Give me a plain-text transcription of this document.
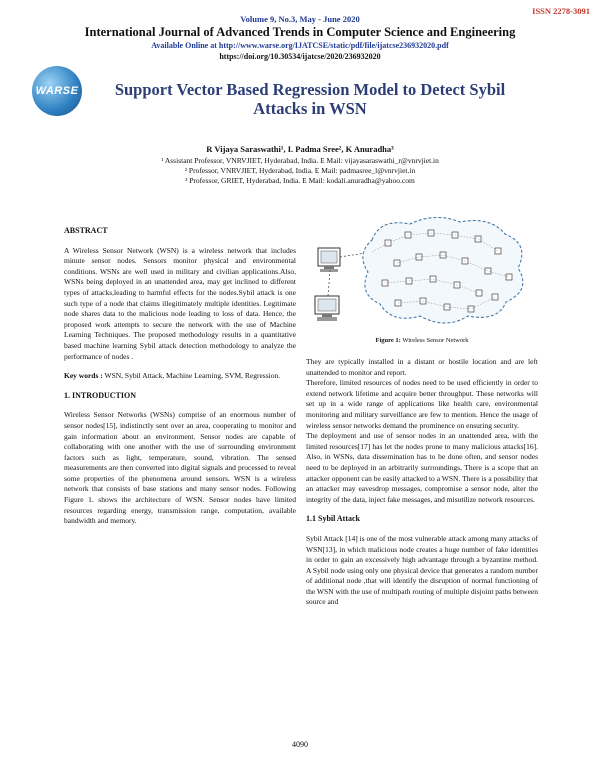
ISSN 2278-3091
Volume 9, No.3, May - June 2020
International Journal of Advanced Trends in Computer Science and Engineering
Available Online at http://www.warse.org/IJATCSE/static/pdf/file/ijatcse236932020.pdf
https://doi.org/10.30534/ijatcse/2020/236932020
WARSE	Support Vector Based Regression Model to Detect Sybil Attacks in WSN
R Vijaya Saraswathi¹, I. Padma Sree², K Anuradha³
¹ Assistant Professor, VNRVJIET, Hyderabad, India. E Mail: vijayasaraswathi_r@vnrvjiet.in
² Professor, VNRVJIET, Hyderabad, India. E Mail: padmasree_l@vnrvjiet.in
³ Professor, GRIET, Hyderabad, India. E Mail: kodali.anuradha@yahoo.com
ABSTRACT

A Wireless Sensor Network (WSN) is a wireless network that includes minute sensor nodes. Sensors monitor physical and environmental conditions. WSNs are well used in military and civilian applications.Also, WSNs being deployed in an unattended area, may get inclined to different types of attacks,leading to harmful effects for the nodes.Sybil attack is one such type of a node that claims illegitimately multiple identities. Legitimate node shares data to the malicious node leading to loss of data. Hence, the proposed work attempts to secure the network with the use of Machine Learning Techniques. The proposed methodology results in a quantitative based machine learning Sybil attack detection methodology to analyze the performance of nodes .

Key words : WSN, Sybil Attack, Machine Learning, SVM, Regression.

1. INTRODUCTION

Wireless Sensor Networks (WSNs) comprise of an enormous number of sensor nodes[15], indistinctly sent over an area, cooperating to monitor and gain information about an environment. Sensor nodes are capable of collaborating with one another with the use of surrounding environment factors such as light, temperature, sound, vibration. The sensed measurements are then converted into digital signals and processed to reveal some properties of the phenomena around sensors. WSN is a wireless network that consists of base stations and many sensor nodes. Following Figure 1. shows the architecture of WSN. Sensor nodes have limited resources regarding energy, transmission range, computation, available bandwidth and memory.

Figure 1: Wireless Sensor Network

They are typically installed in a distant or hostile location and are left unattended to monitor and report.

Therefore, limited resources of nodes need to be used efficiently in order to extend network lifetime and acquire better throughput. These networks will set up in a wide range of applications like health care, environmental monitoring and military surveillance are few to mention. Hence the usage of wireless sensor networks demand the prominence on ensuring security.

The deployment and use of sensor nodes in an unattended area, with the limited resources[17] has let the nodes prone to many malicious attacks[16]. Also, in WSNs, data dissemination has to be done often, and sensor nodes need to be deployed in an arbitrarily surroundings, There is a scope that an attacker opponent can be easily attacked to a WSN. There is a possibility that an attacker may eavesdrop messages, compromise a sensor node, alter the integrity of the data, inject fake messages, and misutilize network resources.

1.1 Sybil Attack

Sybil Attack [14] is one of the most vulnerable attack among many attacks of WSN[13], in which malicious node creates a huge number of fake identities in order to gain an excessively high advantage through a byzantine method. A Sybil node using only one physical device that generates a random number of additional node ,that will identify the disruption of normal functioning of the WSN with the use of multipath routing of multiple disjoint paths between source and

4090
